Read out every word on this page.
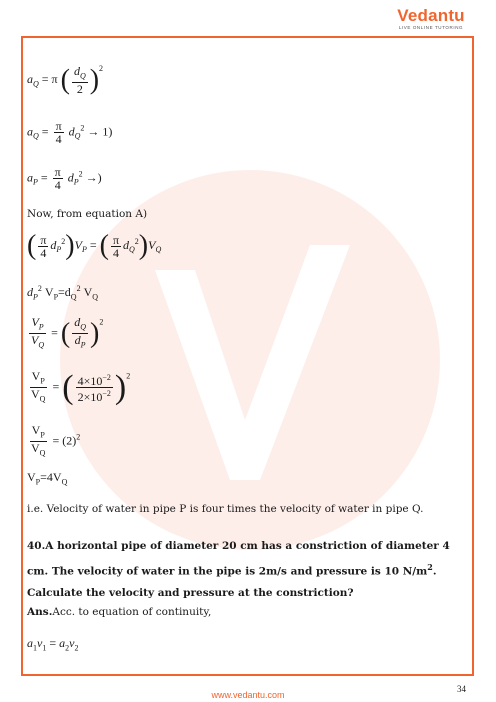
Vedantu
LIVE ONLINE TUTORING
$a_Q = \pi$ ( $\frac{d_Q}{2} )^2$
$a_Q = \frac{\pi}{4} d_Q^2 \to 1$)
$a_P = \frac{\pi}{4} d_P^2$ →)
Now, from equation A)
( $\frac{\pi}{4} d_P^2)V_P$ = ( $\frac{\pi}{4} d_Q^2)V_Q$
$d_P^2$ $V_P=d_Q^2$ $V_Q$
$\frac{V_P}{V_Q}$ = ( $\frac{d_Q}{d_P} )^2$
$\frac{V_P}{V_Q}$ = ( $\frac{4\times 10^{-2}}{2\times 10^{-2}} )^2$
$\frac{V_P}{V_Q} = (2)^2$
$V_P=4V_Q$
i.e. Velocity of water in pipe P is four times the velocity of water in pipe Q.
40.A horizontal pipe of diameter 20 cm has a constriction of diameter 4 cm. The velocity of water in the pipe is 2m/s and pressure is 10 $N/m^2$. Calculate the velocity and pressure at the constriction?
Ans.Acc. to equation of continuity,
$a_1v_1 = a_2v_2$
34
www.vedantu.com
